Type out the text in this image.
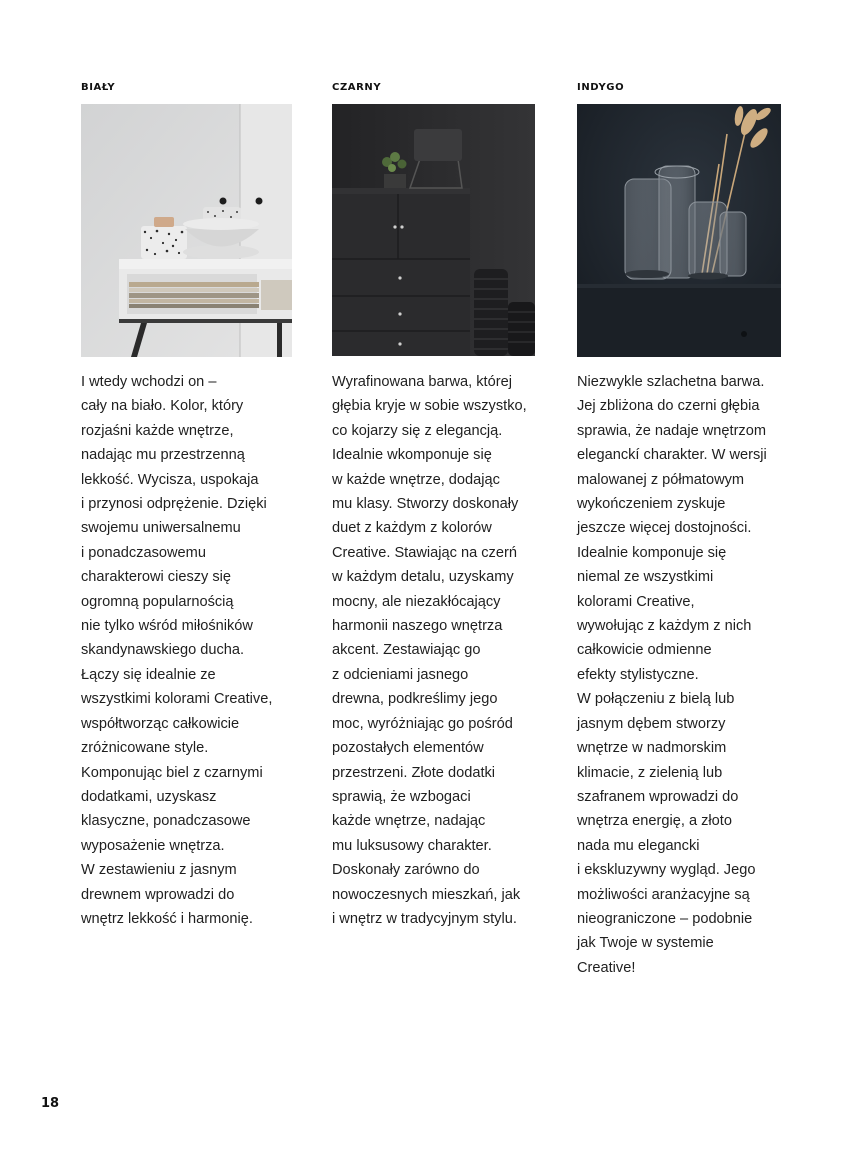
BIAŁY
I wtedy wchodzi on –
cały na biało. Kolor, który
rozjaśni każde wnętrze,
nadając mu przestrzenną
lekkość. Wycisza, uspokaja
i przynosi odprężenie. Dzięki
swojemu uniwersalnemu
i ponadczasowemu
charakterowi cieszy się
ogromną popularnością
nie tylko wśród miłośników
skandynawskiego ducha.
Łączy się idealnie ze
wszystkimi kolorami Creative,
współtworząc całkowicie
zróżnicowane style.
Komponując biel z czarnymi
dodatkami, uzyskasz
klasyczne, ponadczasowe
wyposażenie wnętrza.
W zestawieniu z jasnym
drewnem wprowadzi do
wnętrz lekkość i harmonię.
CZARNY
Wyrafinowana barwa, której
głębia kryje w sobie wszystko,
co kojarzy się z elegancją.
Idealnie wkomponuje się
w każde wnętrze, dodając
mu klasy. Stworzy doskonały
duet z każdym z kolorów
Creative. Stawiając na czerń
w każdym detalu, uzyskamy
mocny, ale niezakłócający
harmonii naszego wnętrza
akcent. Zestawiając go
z odcieniami jasnego
drewna, podkreślimy jego
moc, wyróżniając go pośród
pozostałych elementów
przestrzeni. Złote dodatki
sprawią, że wzbogaci
każde wnętrze, nadając
mu luksusowy charakter.
Doskonały zarówno do
nowoczesnych mieszkań, jak
i wnętrz w tradycyjnym stylu.
INDYGO
Niezwykle szlachetna barwa.
Jej zbliżona do czerni głębia
sprawia, że nadaje wnętrzom
eleganckí charakter. W wersji
malowanej z półmatowym
wykończeniem zyskuje
jeszcze więcej dostojności.
Idealnie komponuje się
niemal ze wszystkimi
kolorami Creative,
wywołując z każdym z nich
całkowicie odmienne
efekty stylistyczne.
W połączeniu z bielą lub
jasnym dębem stworzy
wnętrze w nadmorskim
klimacie, z zielenią lub
szafranem wprowadzi do
wnętrza energię, a złoto
nada mu elegancki
i ekskluzywny wygląd. Jego
możliwości aranżacyjne są
nieograniczone – podobnie
jak Twoje w systemie
Creative!
18
